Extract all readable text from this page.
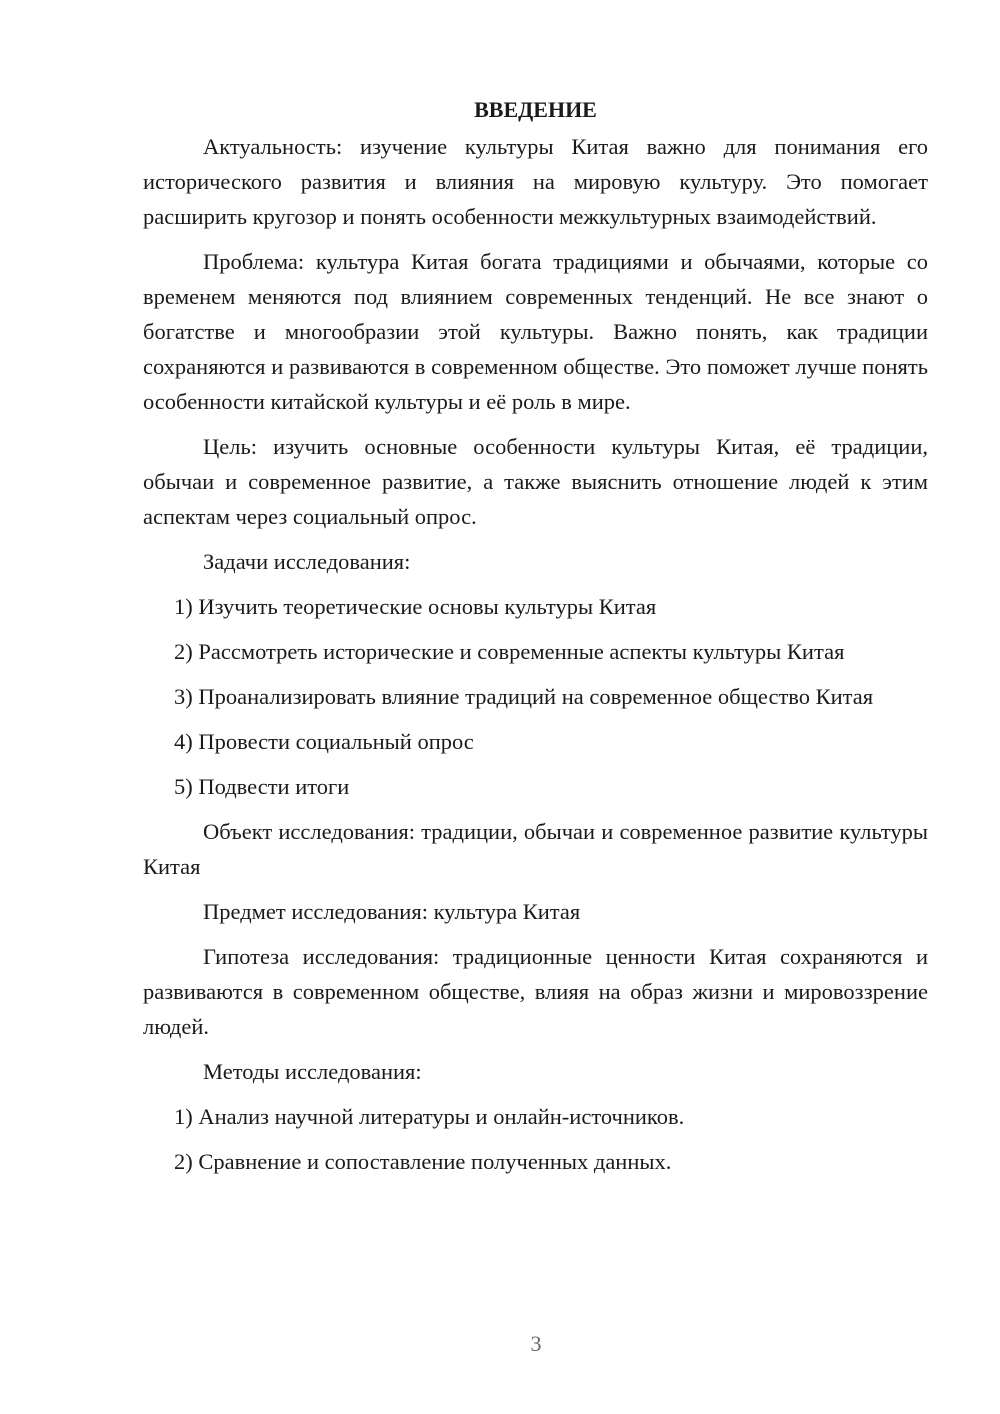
ВВЕДЕНИЕ

Актуальность: изучение культуры Китая важно для понимания его исторического развития и влияния на мировую культуру. Это помогает расширить кругозор и понять особенности межкультурных взаимодействий.

Проблема: культура Китая богата традициями и обычаями, которые со временем меняются под влиянием современных тенденций. Не все знают о богатстве и многообразии этой культуры. Важно понять, как традиции сохраняются и развиваются в современном обществе. Это поможет лучше понять особенности китайской культуры и её роль в мире.

Цель: изучить основные особенности культуры Китая, её традиции, обычаи и современное развитие, а также выяснить отношение людей к этим аспектам через социальный опрос.

Задачи исследования:

1) Изучить теоретические основы культуры Китая

2) Рассмотреть исторические и современные аспекты культуры Китая

3) Проанализировать влияние традиций на современное общество Китая

4) Провести социальный опрос

5) Подвести итоги

Объект исследования: традиции, обычаи и современное развитие культуры Китая

Предмет исследования: культура Китая

Гипотеза исследования: традиционные ценности Китая сохраняются и развиваются в современном обществе, влияя на образ жизни и мировоззрение людей.

Методы исследования:

1) Анализ научной литературы и онлайн-источников.

2) Сравнение и сопоставление полученных данных.

3
